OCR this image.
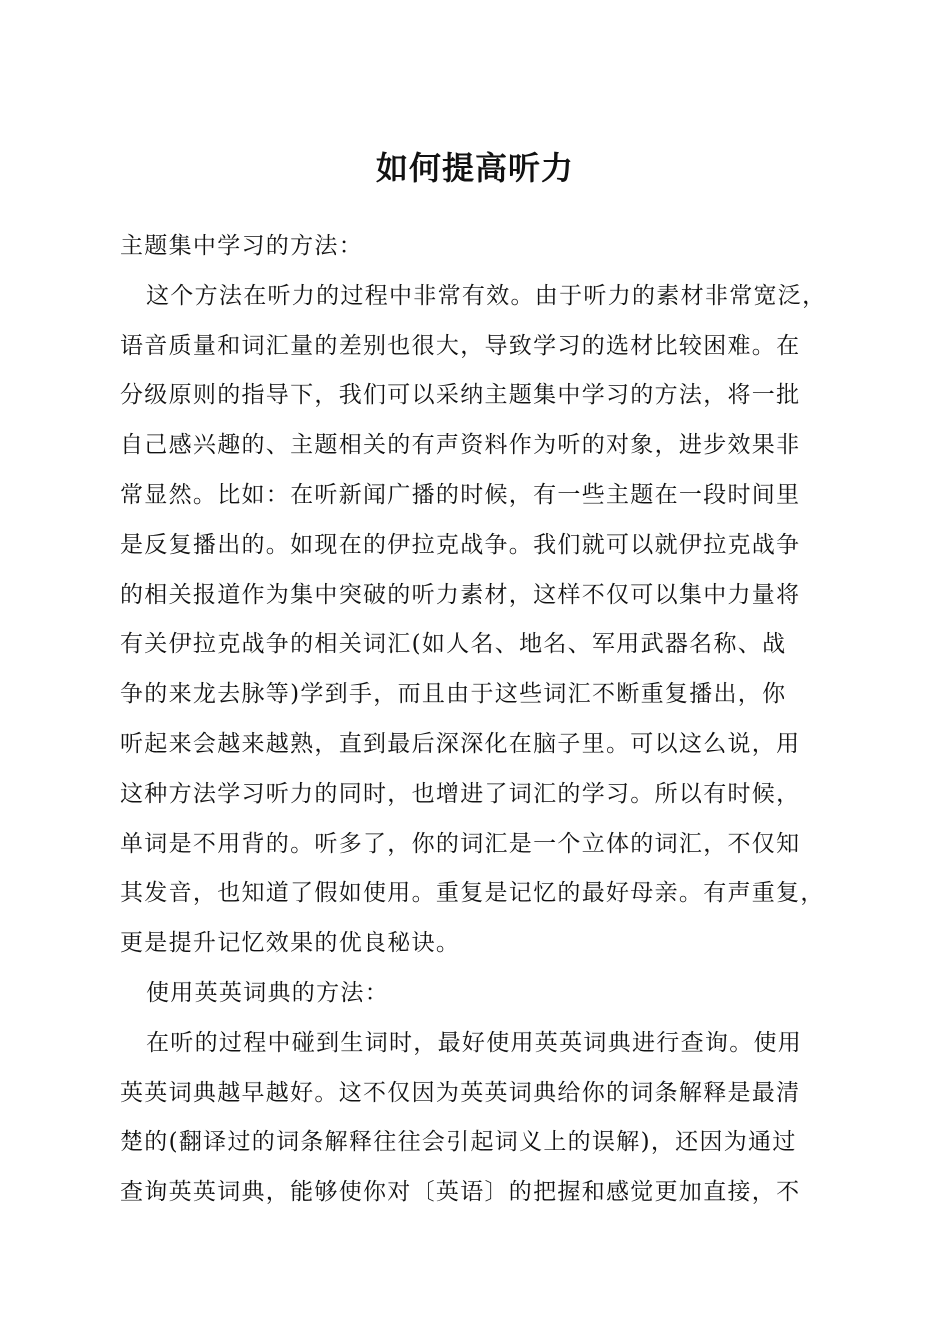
如何提高听力
主题集中学习的方法：
这个方法在听力的过程中非常有效。由于听力的素材非常宽泛，
语音质量和词汇量的差别也很大，导致学习的选材比较困难。在
分级原则的指导下，我们可以采纳主题集中学习的方法，将一批
自己感兴趣的、主题相关的有声资料作为听的对象，进步效果非
常显然。比如：在听新闻广播的时候，有一些主题在一段时间里
是反复播出的。如现在的伊拉克战争。我们就可以就伊拉克战争
的相关报道作为集中突破的听力素材，这样不仅可以集中力量将
有关伊拉克战争的相关词汇(如人名、地名、军用武器名称、战
争的来龙去脉等)学到手，而且由于这些词汇不断重复播出，你
听起来会越来越熟，直到最后深深化在脑子里。可以这么说，用
这种方法学习听力的同时，也增进了词汇的学习。所以有时候，
单词是不用背的。听多了，你的词汇是一个立体的词汇，不仅知
其发音，也知道了假如使用。重复是记忆的最好母亲。有声重复，
更是提升记忆效果的优良秘诀。
使用英英词典的方法：
在听的过程中碰到生词时，最好使用英英词典进行查询。使用
英英词典越早越好。这不仅因为英英词典给你的词条解释是最清
楚的(翻译过的词条解释往往会引起词义上的误解)，还因为通过
查询英英词典，能够使你对〔英语〕的把握和感觉更加直接，不
